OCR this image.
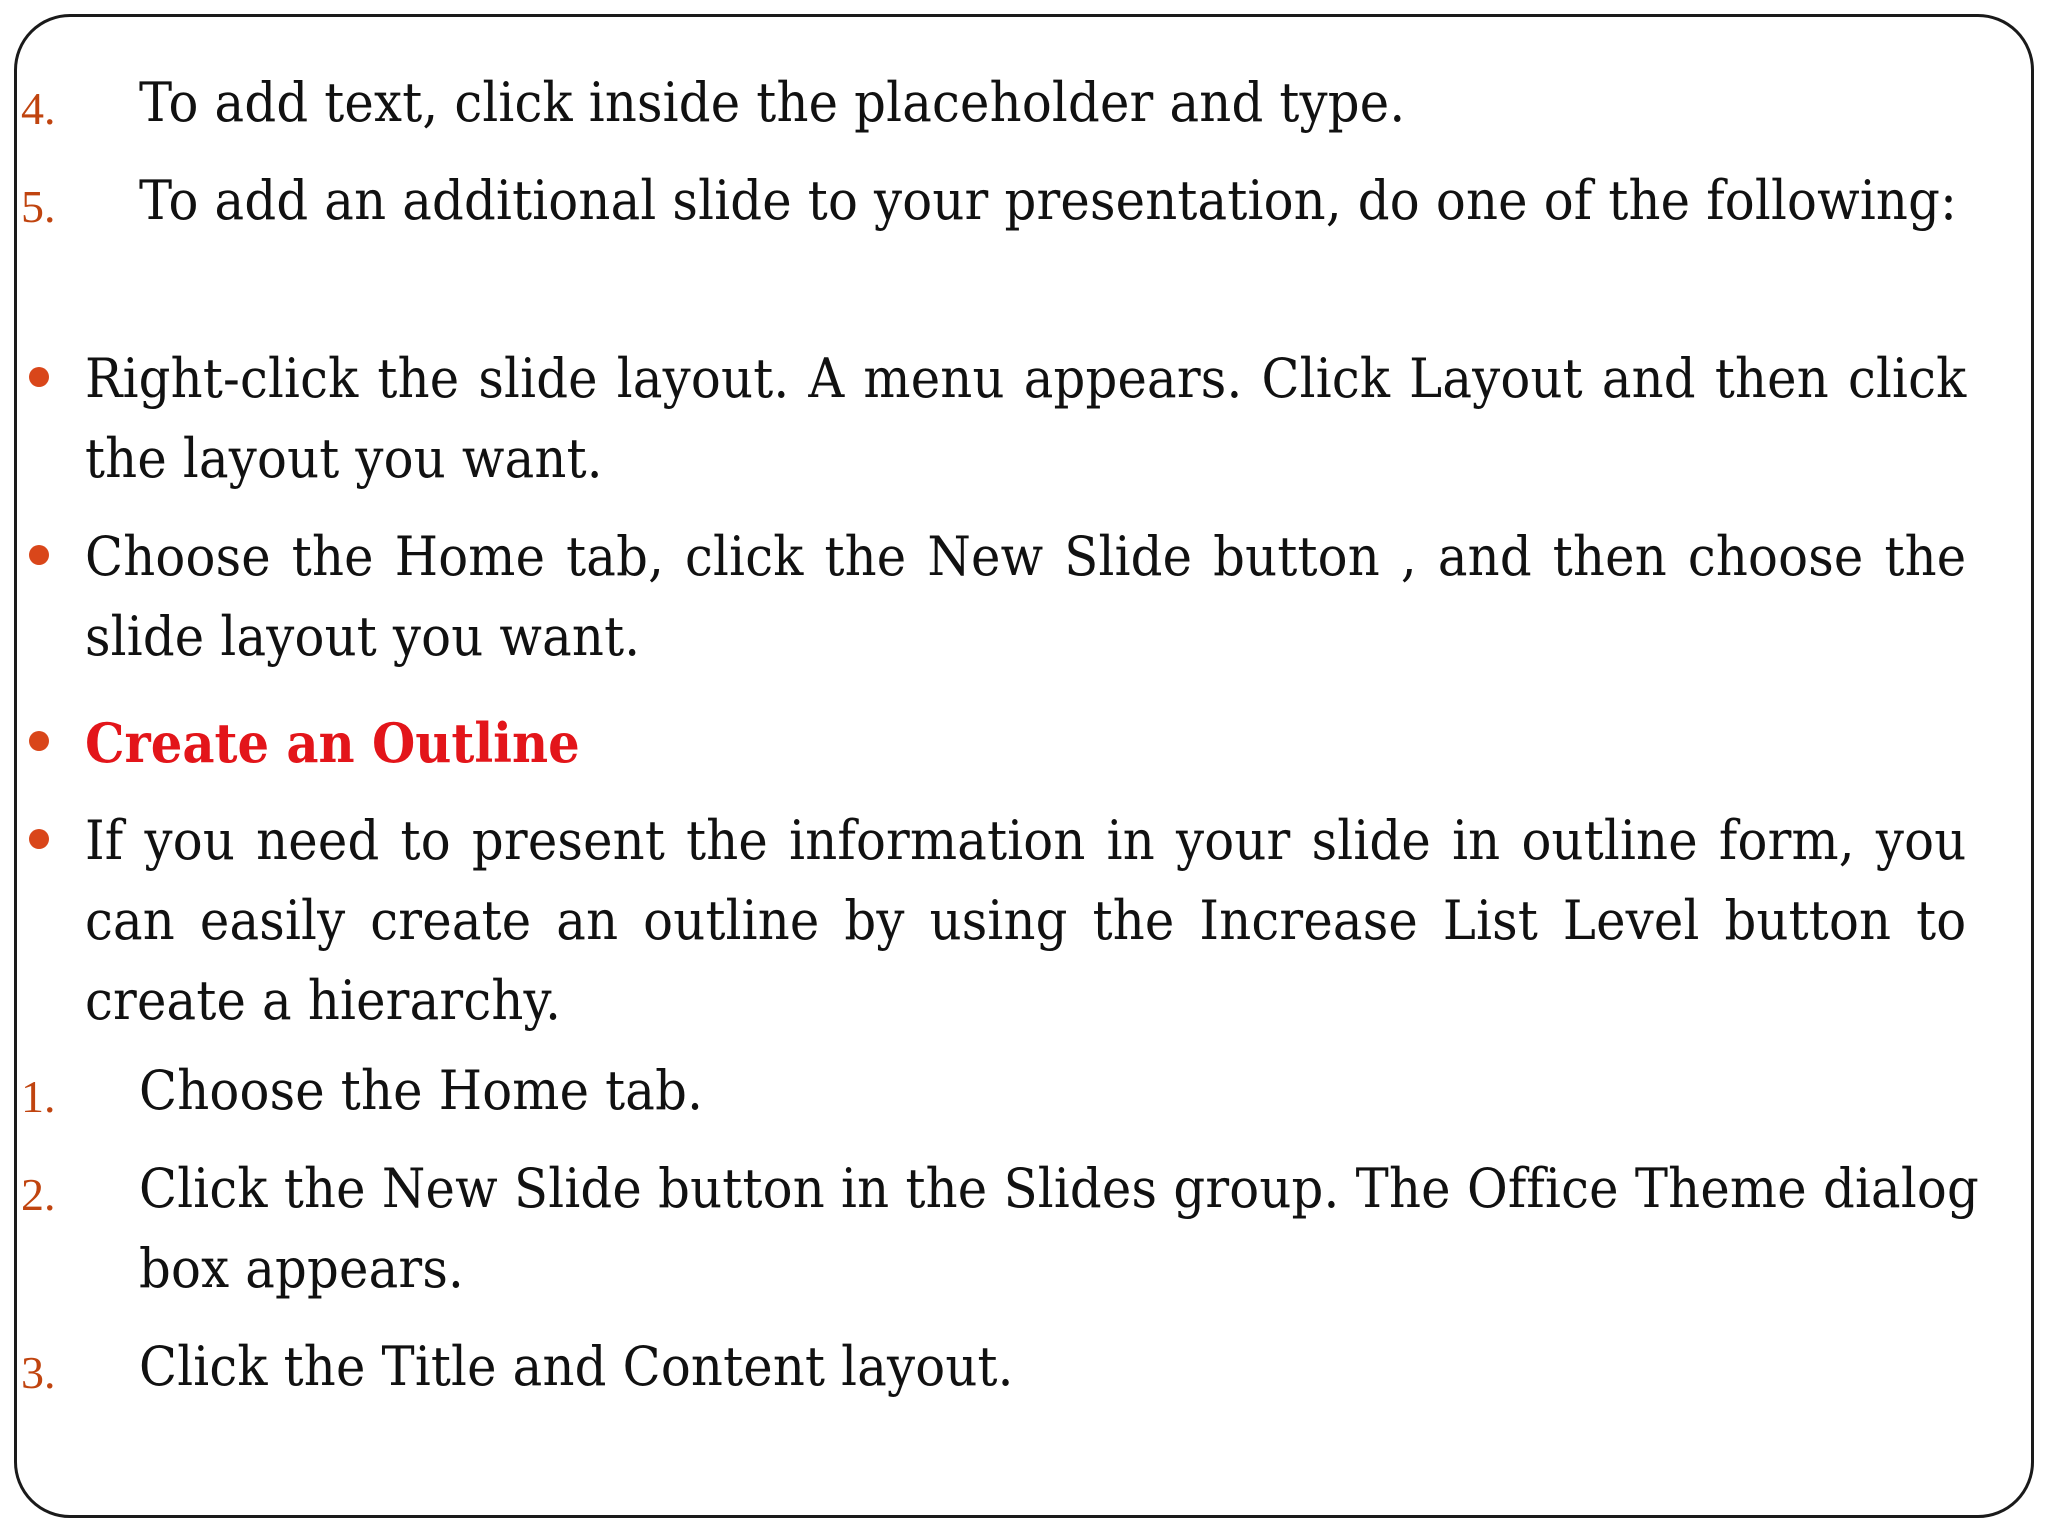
4. To add text, click inside the placeholder and type.
5. To add an additional slide to your presentation, do one of the following:
Right-click the slide layout. A menu appears. Click Layout and then click the layout you want.
Choose the Home tab, click the New Slide button , and then choose the slide layout you want.
Create an Outline
If you need to present the information in your slide in outline form, you can easily create an outline by using the Increase List Level button to create a hierarchy.
1. Choose the Home tab.
2. Click the New Slide button in the Slides group. The Office Theme dialog box appears.
3. Click the Title and Content layout.
